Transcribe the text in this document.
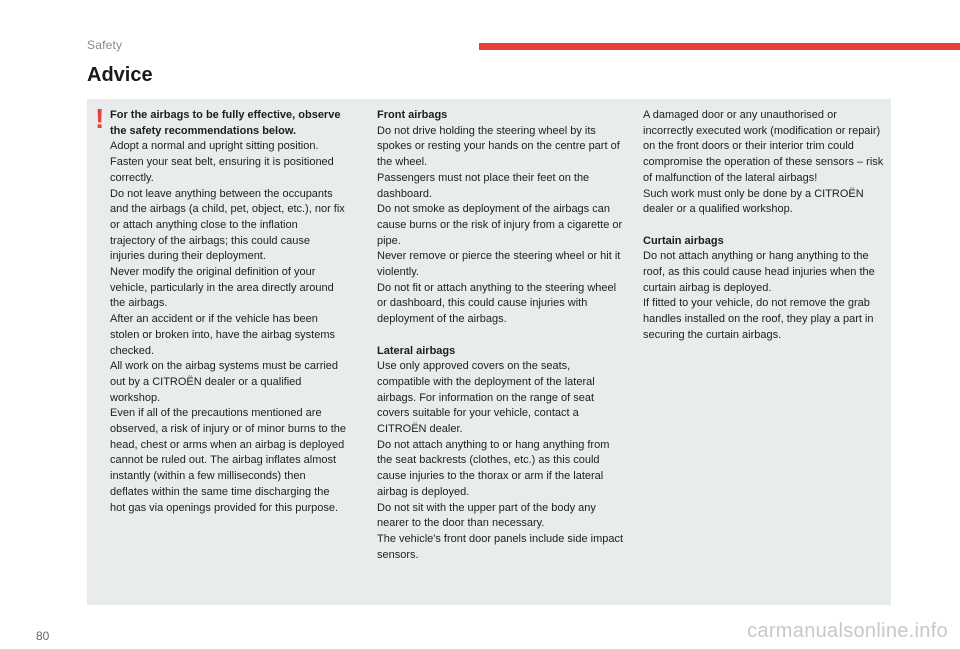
Safety
Advice
! For the airbags to be fully effective, observe the safety recommendations below.

Adopt a normal and upright sitting position.

Fasten your seat belt, ensuring it is positioned correctly.

Do not leave anything between the occupants and the airbags (a child, pet, object, etc.), nor fix or attach anything close to the inflation trajectory of the airbags; this could cause injuries during their deployment.

Never modify the original definition of your vehicle, particularly in the area directly around the airbags.

After an accident or if the vehicle has been stolen or broken into, have the airbag systems checked.

All work on the airbag systems must be carried out by a CITROËN dealer or a qualified workshop.

Even if all of the precautions mentioned are observed, a risk of injury or of minor burns to the head, chest or arms when an airbag is deployed cannot be ruled out. The airbag inflates almost instantly (within a few milliseconds) then deflates within the same time discharging the hot gas via openings provided for this purpose.

Front airbags

Do not drive holding the steering wheel by its spokes or resting your hands on the centre part of the wheel.

Passengers must not place their feet on the dashboard.

Do not smoke as deployment of the airbags can cause burns or the risk of injury from a cigarette or pipe.

Never remove or pierce the steering wheel or hit it violently.

Do not fit or attach anything to the steering wheel or dashboard, this could cause injuries with deployment of the airbags.

Lateral airbags

Use only approved covers on the seats, compatible with the deployment of the lateral airbags. For information on the range of seat covers suitable for your vehicle, contact a CITROËN dealer.

Do not attach anything to or hang anything from the seat backrests (clothes, etc.) as this could cause injuries to the thorax or arm if the lateral airbag is deployed.

Do not sit with the upper part of the body any nearer to the door than necessary.

The vehicle's front door panels include side impact sensors.

A damaged door or any unauthorised or incorrectly executed work (modification or repair) on the front doors or their interior trim could compromise the operation of these sensors – risk of malfunction of the lateral airbags!

Such work must only be done by a CITROËN dealer or a qualified workshop.

Curtain airbags

Do not attach anything or hang anything to the roof, as this could cause head injuries when the curtain airbag is deployed.

If fitted to your vehicle, do not remove the grab handles installed on the roof, they play a part in securing the curtain airbags.

80	carmanualsonline.info
